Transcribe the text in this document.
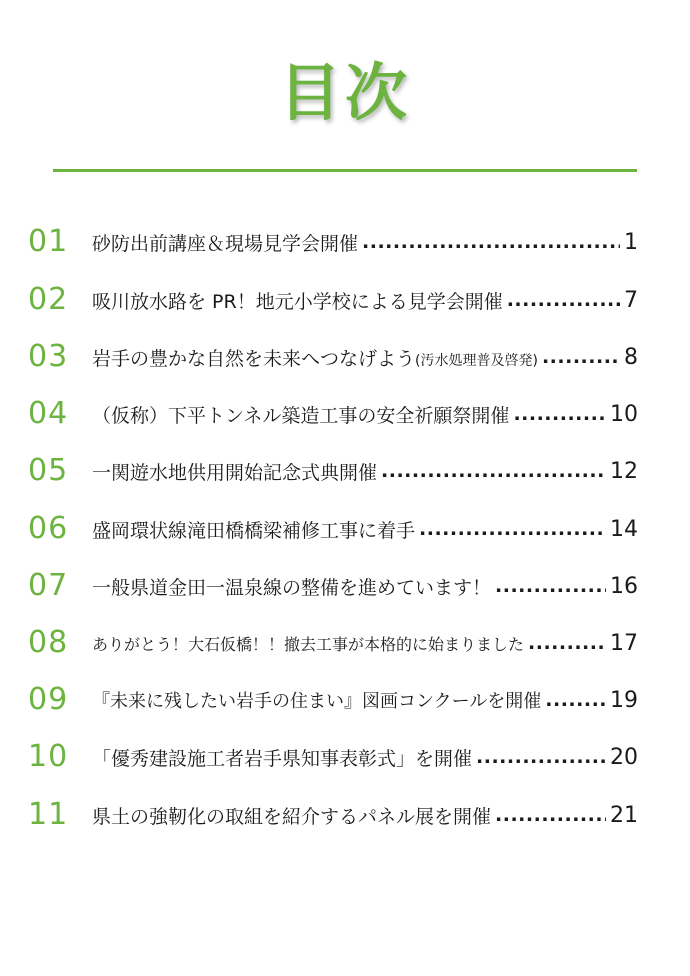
目次
01	砂防出前講座＆現場見学会開催 .....	1
02	吸川放水路を PR！地元小学校による見学会開催 .....	7
03	岩手の豊かな自然を未来へつなげよう(汚水処理普及啓発) .....	8
04	（仮称）下平トンネル築造工事の安全祈願祭開催 .....	10
05	一関遊水地供用開始記念式典開催 .....	12
06	盛岡環状線滝田橋橋梁補修工事に着手 .....	14
07	一般県道金田一温泉線の整備を進めています！ .....	16
08	ありがとう！大石仮橋！！撤去工事が本格的に始まりました .....	17
09	『未来に残したい岩手の住まい』図画コンクールを開催 .....	19
10	「優秀建設施工者岩手県知事表彰式」を開催 .....	20
11	県土の強靭化の取組を紹介するパネル展を開催 .....	21
